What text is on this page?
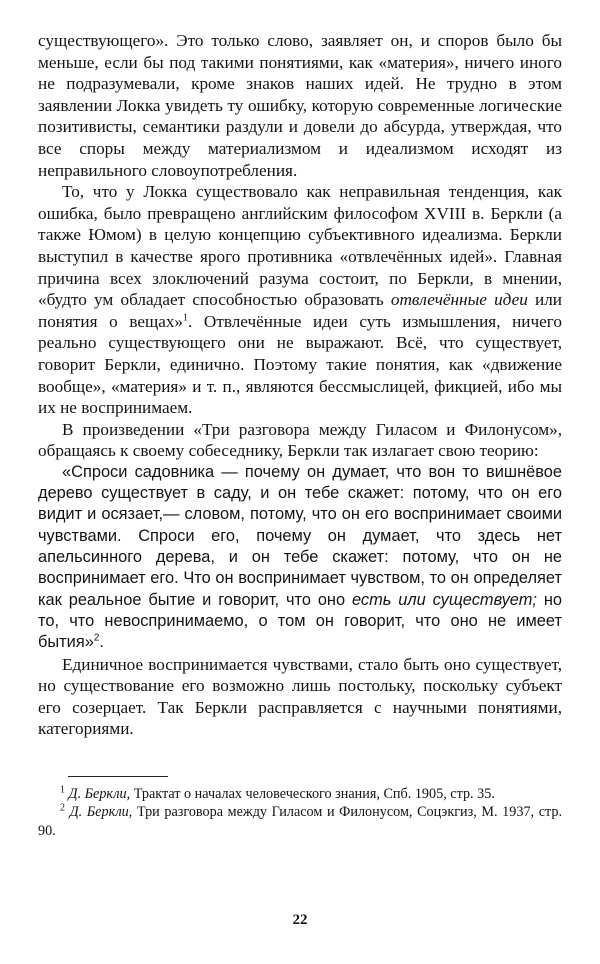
существующего». Это только слово, заявляет он, и споров было бы меньше, если бы под такими понятиями, как «материя», ничего иного не подразумевали, кроме знаков наших идей. Не трудно в этом заявлении Локка увидеть ту ошибку, которую современные логические позитивисты, семантики раздули и довели до абсурда, утверждая, что все споры между материализмом и идеализмом исходят из неправильного словоупотребления.

То, что у Локка существовало как неправильная тенденция, как ошибка, было превращено английским философом XVIII в. Беркли (а также Юмом) в целую концепцию субъективного идеализма. Беркли выступил в качестве ярого противника «отвлечённых идей». Главная причина всех злоключений разума состоит, по Беркли, в мнении, «будто ум обладает способностью образовать отвлечённые идеи или понятия о вещах»$^1$. Отвлечённые идеи суть измышления, ничего реально существующего они не выражают. Всё, что существует, говорит Беркли, единично. Поэтому такие понятия, как «движение вообще», «материя» и т. п., являются бессмыслицей, фикцией, ибо мы их не воспринимаем.

В произведении «Три разговора между Гиласом и Филонусом», обращаясь к своему собеседнику, Беркли так излагает свою теорию:

«Спроси садовника — почему он думает, что вон то вишнёвое дерево существует в саду, и он тебе скажет: потому, что он его видит и осязает,— словом, потому, что он его воспринимает своими чувствами. Спроси его, почему он думает, что здесь нет апельсинного дерева, и он тебе скажет: потому, что он не воспринимает его. Что он воспринимает чувством, то он определяет как реальное бытие и говорит, что оно есть или существует; но то, что невоспринимаемо, о том он говорит, что оно не имеет бытия»$^2$.

Единичное воспринимается чувствами, стало быть оно существует, но существование его возможно лишь постольку, поскольку субъект его созерцает. Так Беркли расправляется с научными понятиями, категориями.

$^1$ Д. Беркли, Трактат о началах человеческого знания, Спб. 1905, стр. 35.

$^2$ Д. Беркли, Три разговора между Гиласом и Филонусом, Соцэкгиз, М. 1937, стр. 90.

22
